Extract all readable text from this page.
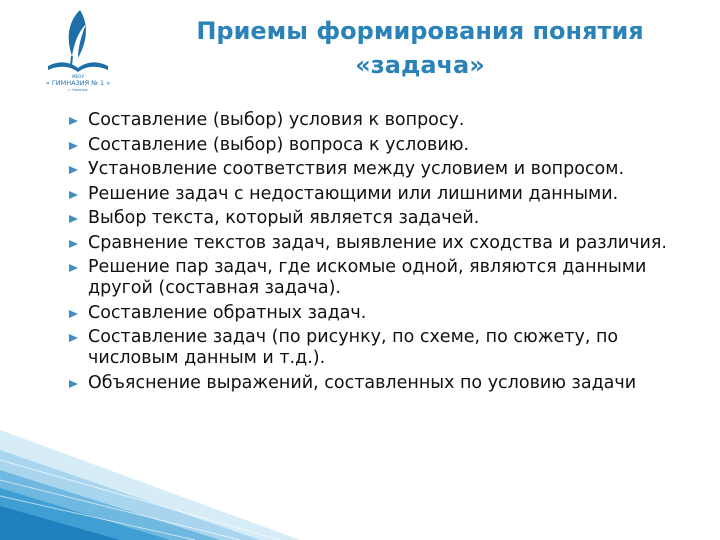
МБОУ
« ГИМНАЗИЯ № 1 »
г. Нальчик
Приемы формирования понятия
«задача»
Составление (выбор) условия к вопросу.
Составление (выбор) вопроса к условию.
Установление соответствия между условием и вопросом.
Решение задач с недостающими или лишними данными.
Выбор текста, который является задачей.
Сравнение текстов задач, выявление их сходства и различия.
Решение пар задач, где искомые одной, являются данными другой (составная задача).
Составление обратных задач.
Составление задач (по рисунку, по схеме, по сюжету, по числовым данным и т.д.).
Объяснение выражений, составленных по условию задачи
